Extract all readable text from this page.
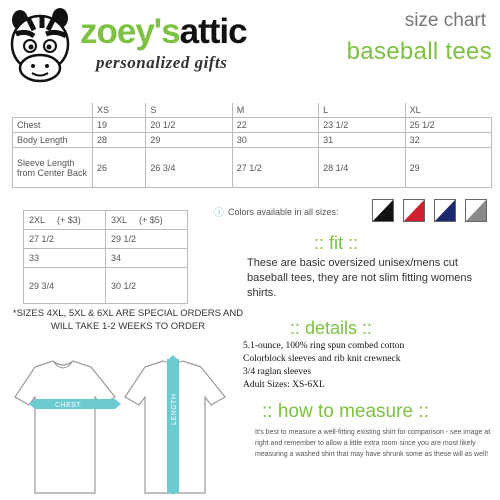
zoey'sattic
personalized gifts
size chart
baseball tees
	XS	S	M	L	XL
Chest	19	20 1/2	22	23 1/2	25 1/2
Body Length	28	29	30	31	32
Sleeve Length from Center Back	26	26 3/4	27 1/2	28 1/4	29
2XL (+ $3)	3XL (+ $5)
27 1/2	29 1/2
33	34
29 3/4	30 1/2
*SIZES 4XL, 5XL & 6XL ARE SPECIAL ORDERS AND WILL TAKE 1-2 WEEKS TO ORDER
ⓘ Colors available in all sizes:
:: fit ::
These are basic oversized unisex/mens cut baseball tees, they are not slim fitting womens shirts.
:: details ::
5.1-ounce, 100% ring spun combed cotton
Colorblock sleeves and rib knit crewneck
3/4 raglan sleeves
Adult Sizes: XS-6XL
:: how to measure ::
It's best to measure a well-fitting existing shirt for comparison - see image at right and remember to allow a little extra room since you are most likely measuring a washed shirt that may have shrunk some as these will as well!
CHEST	LENGTH
